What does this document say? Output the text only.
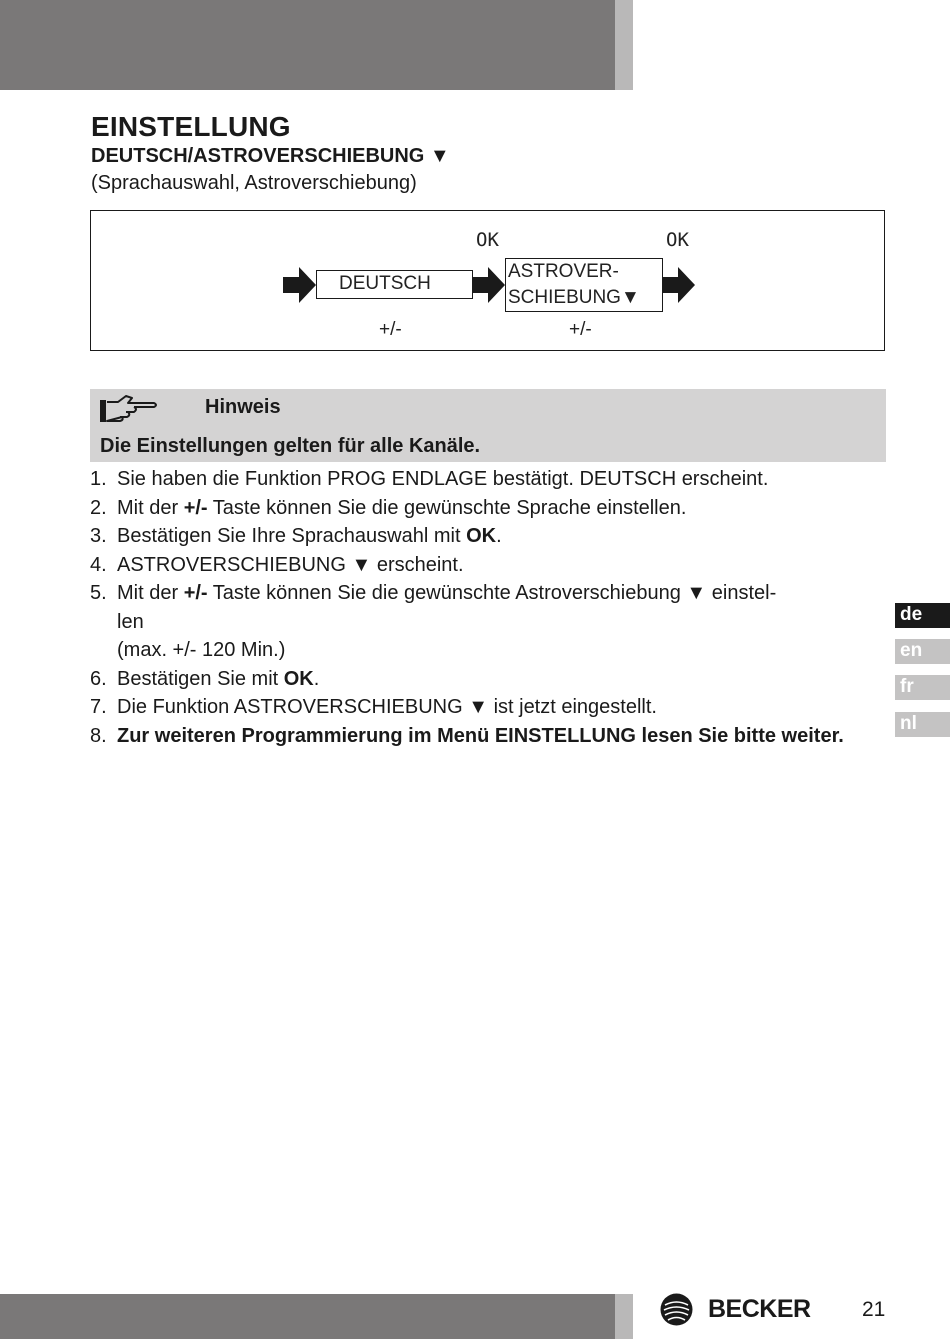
EINSTELLUNG
DEUTSCH/ASTROVERSCHIEBUNG ▼
(Sprachauswahl, Astroverschiebung)
OK	OK
DEUTSCH
ASTROVER-
SCHIEBUNG▼
+/-	+/-
Hinweis
Die Einstellungen gelten für alle Kanäle.
1. Sie haben die Funktion PROG ENDLAGE bestätigt. DEUTSCH erscheint.
2. Mit der +/- Taste können Sie die gewünschte Sprache einstellen.
3. Bestätigen Sie Ihre Sprachauswahl mit OK.
4. ASTROVERSCHIEBUNG ▼ erscheint.
5. Mit der +/- Taste können Sie die gewünschte Astroverschiebung ▼ einstel-
len
(max. +/- 120 Min.)
6. Bestätigen Sie mit OK.
7. Die Funktion ASTROVERSCHIEBUNG ▼ ist jetzt eingestellt.
8. Zur weiteren Programmierung im Menü EINSTELLUNG lesen Sie bitte weiter.
de
en
fr
nl
BECKER 21
